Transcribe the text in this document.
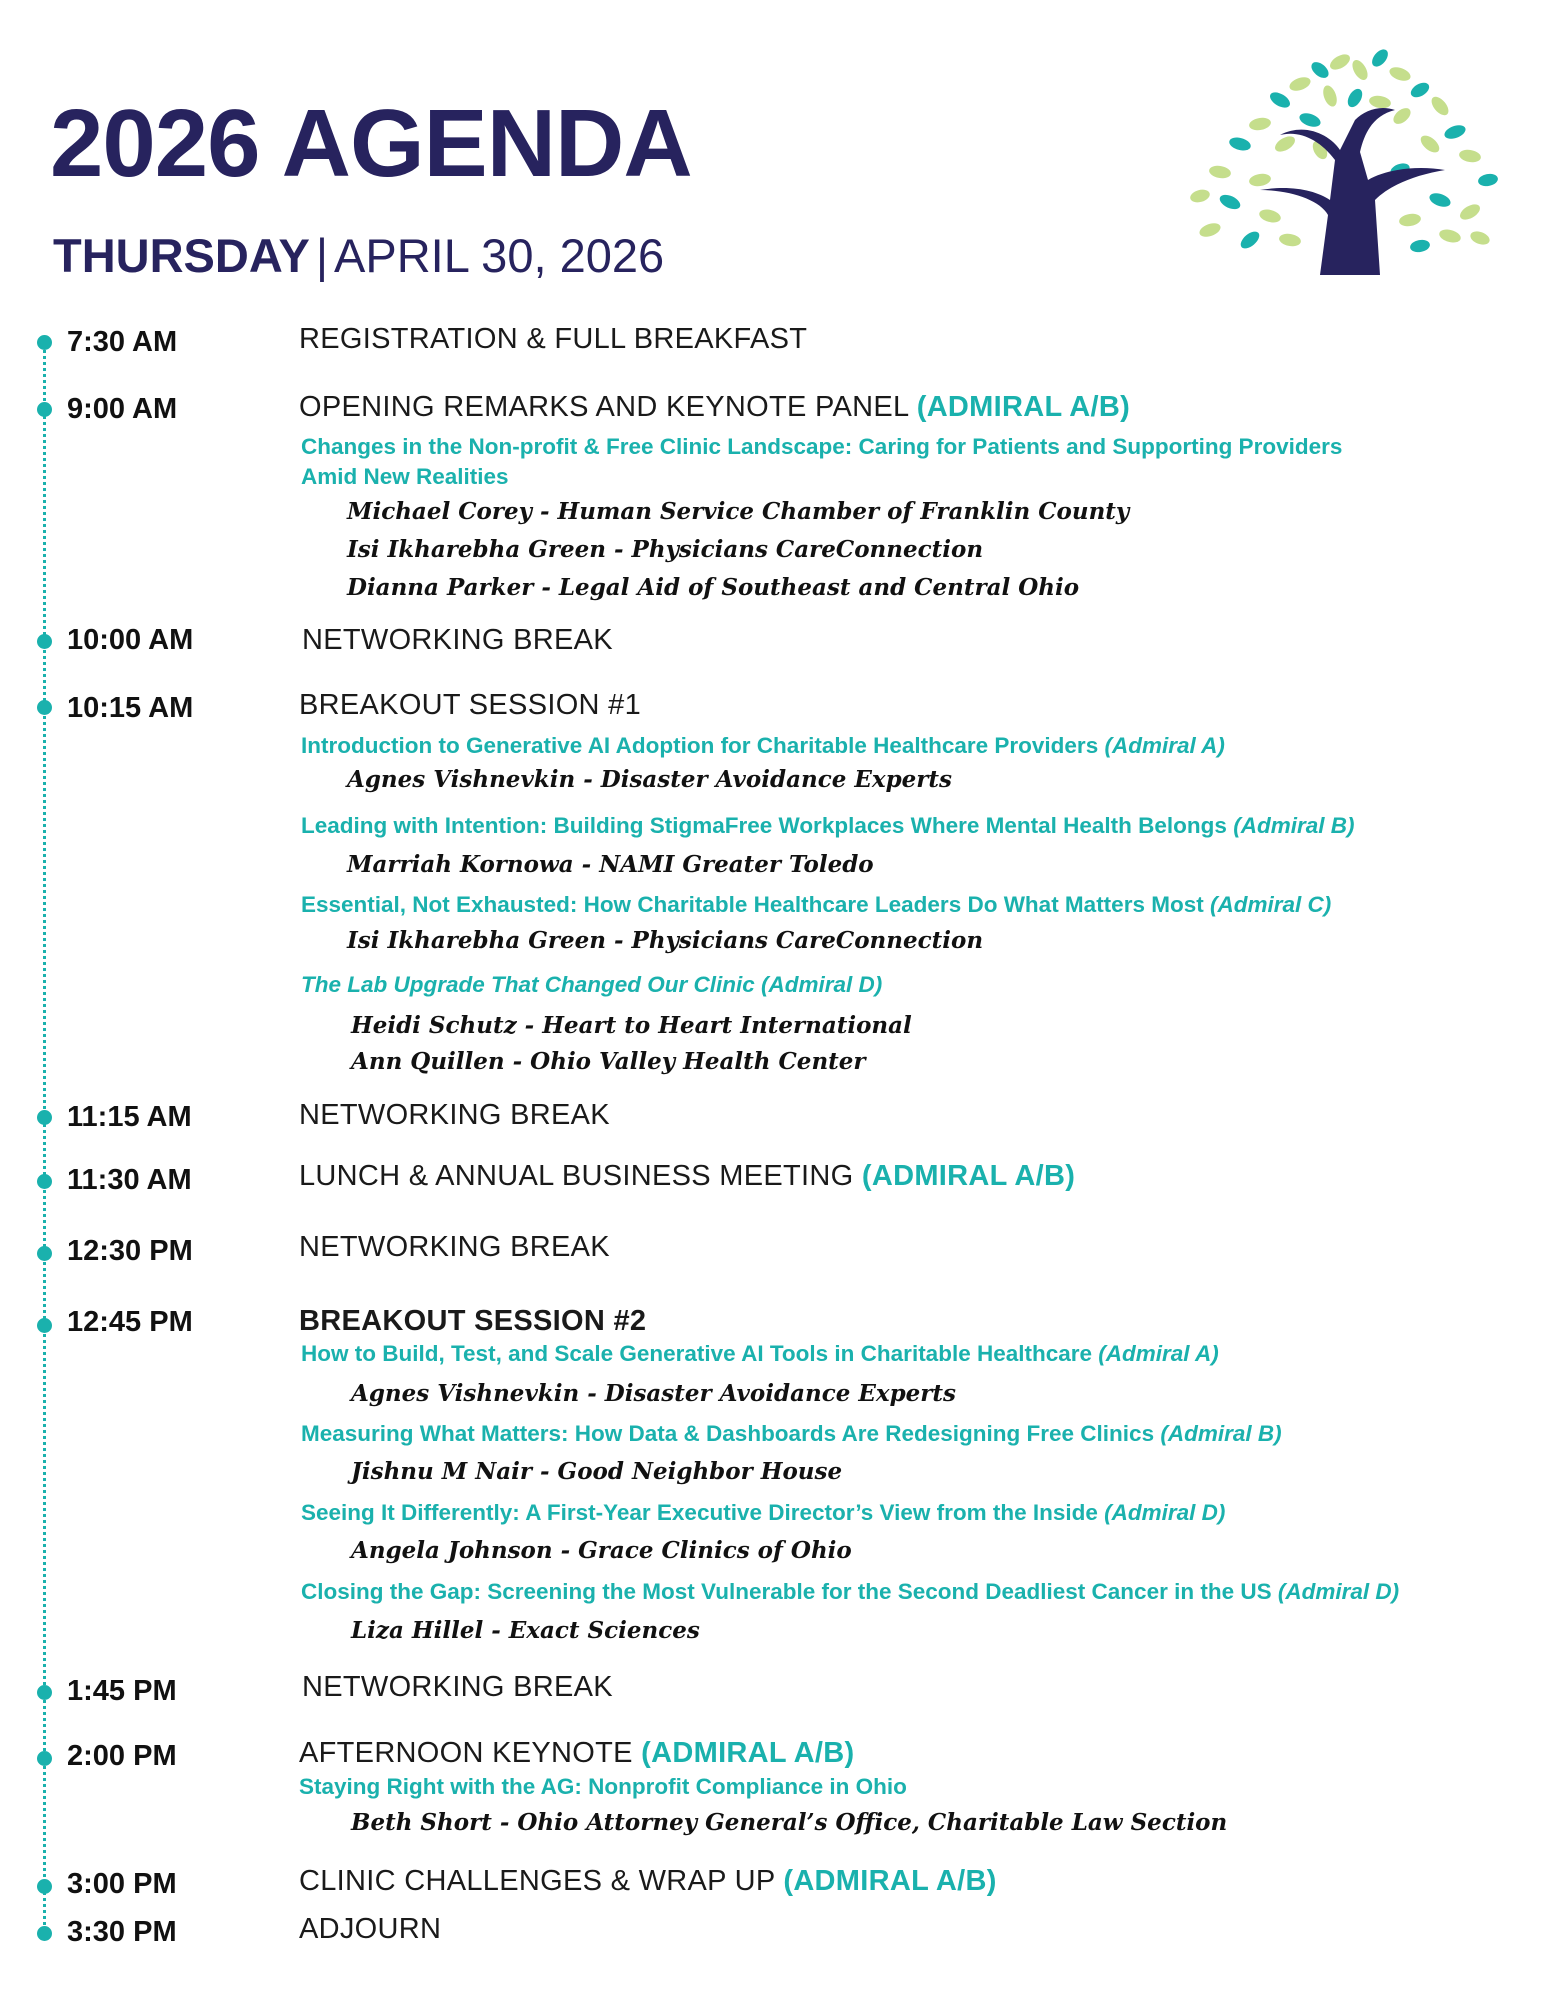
2026 AGENDA
THURSDAY | APRIL 30, 2026
7:30 AM	REGISTRATION & FULL BREAKFAST
9:00 AM	OPENING REMARKS AND KEYNOTE PANEL (ADMIRAL A/B)
Changes in the Non-profit & Free Clinic Landscape: Caring for Patients and Supporting Providers
Amid New Realities
Michael Corey - Human Service Chamber of Franklin County
Isi Ikharebha Green - Physicians CareConnection
Dianna Parker - Legal Aid of Southeast and Central Ohio
10:00 AM	NETWORKING BREAK
10:15 AM	BREAKOUT SESSION #1
Introduction to Generative AI Adoption for Charitable Healthcare Providers (Admiral A)
Agnes Vishnevkin - Disaster Avoidance Experts
Leading with Intention: Building StigmaFree Workplaces Where Mental Health Belongs (Admiral B)
Marriah Kornowa - NAMI Greater Toledo
Essential, Not Exhausted: How Charitable Healthcare Leaders Do What Matters Most (Admiral C)
Isi Ikharebha Green - Physicians CareConnection
The Lab Upgrade That Changed Our Clinic (Admiral D)
Heidi Schutz - Heart to Heart International
Ann Quillen - Ohio Valley Health Center
11:15 AM	NETWORKING BREAK
11:30 AM	LUNCH & ANNUAL BUSINESS MEETING (ADMIRAL A/B)
12:30 PM	NETWORKING BREAK
12:45 PM	BREAKOUT SESSION #2
How to Build, Test, and Scale Generative AI Tools in Charitable Healthcare (Admiral A)
Agnes Vishnevkin - Disaster Avoidance Experts
Measuring What Matters: How Data & Dashboards Are Redesigning Free Clinics (Admiral B)
Jishnu M Nair - Good Neighbor House
Seeing It Differently: A First-Year Executive Director’s View from the Inside (Admiral D)
Angela Johnson - Grace Clinics of Ohio
Closing the Gap: Screening the Most Vulnerable for the Second Deadliest Cancer in the US (Admiral D)
Liza Hillel - Exact Sciences
1:45 PM	NETWORKING BREAK
2:00 PM	AFTERNOON KEYNOTE (ADMIRAL A/B)
Staying Right with the AG: Nonprofit Compliance in Ohio
Beth Short - Ohio Attorney General’s Office, Charitable Law Section
3:00 PM	CLINIC CHALLENGES & WRAP UP (ADMIRAL A/B)
3:30 PM	ADJOURN
